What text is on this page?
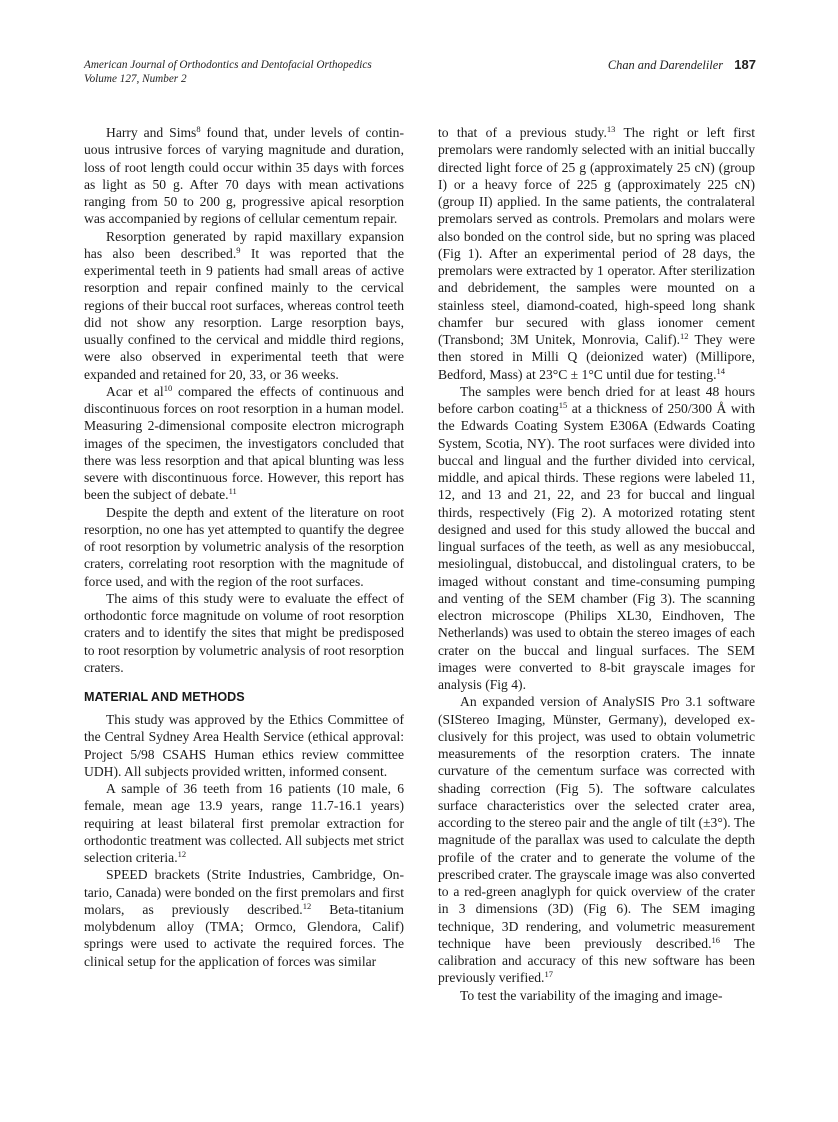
American Journal of Orthodontics and Dentofacial Orthopedics
Volume 127, Number 2
Chan and Darendeliler 187

Harry and Sims$^8$ found that, under levels of continuous intrusive forces of varying magnitude and duration, loss of root length could occur within 35 days with forces as light as 50 g. After 70 days with mean activations ranging from 50 to 200 g, progressive apical resorption was accompanied by regions of cellular cementum repair.

Resorption generated by rapid maxillary expansion has also been described.$^9$ It was reported that the experimental teeth in 9 patients had small areas of active resorption and repair confined mainly to the cervical regions of their buccal root surfaces, whereas control teeth did not show any resorption. Large resorption bays, usually confined to the cervical and middle third regions, were also observed in experimental teeth that were expanded and retained for 20, 33, or 36 weeks.

Acar et $al^{10}$ compared the effects of continuous and discontinuous forces on root resorption in a human model. Measuring 2-dimensional composite electron micrograph images of the specimen, the investigators concluded that there was less resorption and that apical blunting was less severe with discontinuous force. However, this report has been the subject of debate.$^{11}$

Despite the depth and extent of the literature on root resorption, no one has yet attempted to quantify the degree of root resorption by volumetric analysis of the resorption craters, correlating root resorption with the magnitude of force used, and with the region of the root surfaces.

The aims of this study were to evaluate the effect of orthodontic force magnitude on volume of root resorption craters and to identify the sites that might be predisposed to root resorption by volumetric analysis of root resorption craters.

MATERIAL AND METHODS

This study was approved by the Ethics Committee of the Central Sydney Area Health Service (ethical approval: Project 5/98 CSAHS Human ethics review committee UDH). All subjects provided written, informed consent.

A sample of 36 teeth from 16 patients (10 male, 6 female, mean age 13.9 years, range 11.7-16.1 years) requiring at least bilateral first premolar extraction for orthodontic treatment was collected. All subjects met strict selection criteria.$^{12}$

SPEED brackets (Strite Industries, Cambridge, Ontario, Canada) were bonded on the first premolars and first molars, as previously described.$^{12}$ Beta-titanium molybdenum alloy (TMA; Ormco, Glendora, Calif) springs were used to activate the required forces. The clinical setup for the application of forces was similar

to that of a previous study.$^{13}$ The right or left first premolars were randomly selected with an initial buccally directed light force of 25 g (approximately 25 cN) (group I) or a heavy force of 225 g (approximately 225 cN) (group II) applied. In the same patients, the contralateral premolars served as controls. Premolars and molars were also bonded on the control side, but no spring was placed (Fig 1). After an experimental period of 28 days, the premolars were extracted by 1 operator. After sterilization and debridement, the samples were mounted on a stainless steel, diamond-coated, high-speed long shank chamfer bur secured with glass ionomer cement (Transbond; 3M Unitek, Monrovia, Calif).$^{12}$ They were then stored in Milli Q (deionized water) (Millipore, Bedford, Mass) at 23°C ± 1°C until due for testing.$^{14}$

The samples were bench dried for at least 48 hours before carbon coating$^{15}$ at a thickness of 250/300 Å with the Edwards Coating System E306A (Edwards Coating System, Scotia, NY). The root surfaces were divided into buccal and lingual and the further divided into cervical, middle, and apical thirds. These regions were labeled 11, 12, and 13 and 21, 22, and 23 for buccal and lingual thirds, respectively (Fig 2). A motorized rotating stent designed and used for this study allowed the buccal and lingual surfaces of the teeth, as well as any mesiobuccal, mesiolingual, distobuccal, and distolingual craters, to be imaged without constant and time-consuming pumping and venting of the SEM chamber (Fig 3). The scanning electron microscope (Philips XL30, Eindhoven, The Netherlands) was used to obtain the stereo images of each crater on the buccal and lingual surfaces. The SEM images were converted to 8-bit grayscale images for analysis (Fig 4).

An expanded version of AnalySIS Pro 3.1 software (SIStereo Imaging, Münster, Germany), developed exclusively for this project, was used to obtain volumetric measurements of the resorption craters. The innate curvature of the cementum surface was corrected with shading correction (Fig 5). The software calculates surface characteristics over the selected crater area, according to the stereo pair and the angle of tilt (±3°). The magnitude of the parallax was used to calculate the depth profile of the crater and to generate the volume of the prescribed crater. The grayscale image was also converted to a red-green anaglyph for quick overview of the crater in 3 dimensions (3D) (Fig 6). The SEM imaging technique, 3D rendering, and volumetric measurement technique have been previously described.$^{16}$ The calibration and accuracy of this new software has been previously verified.$^{17}$

To test the variability of the imaging and image-
